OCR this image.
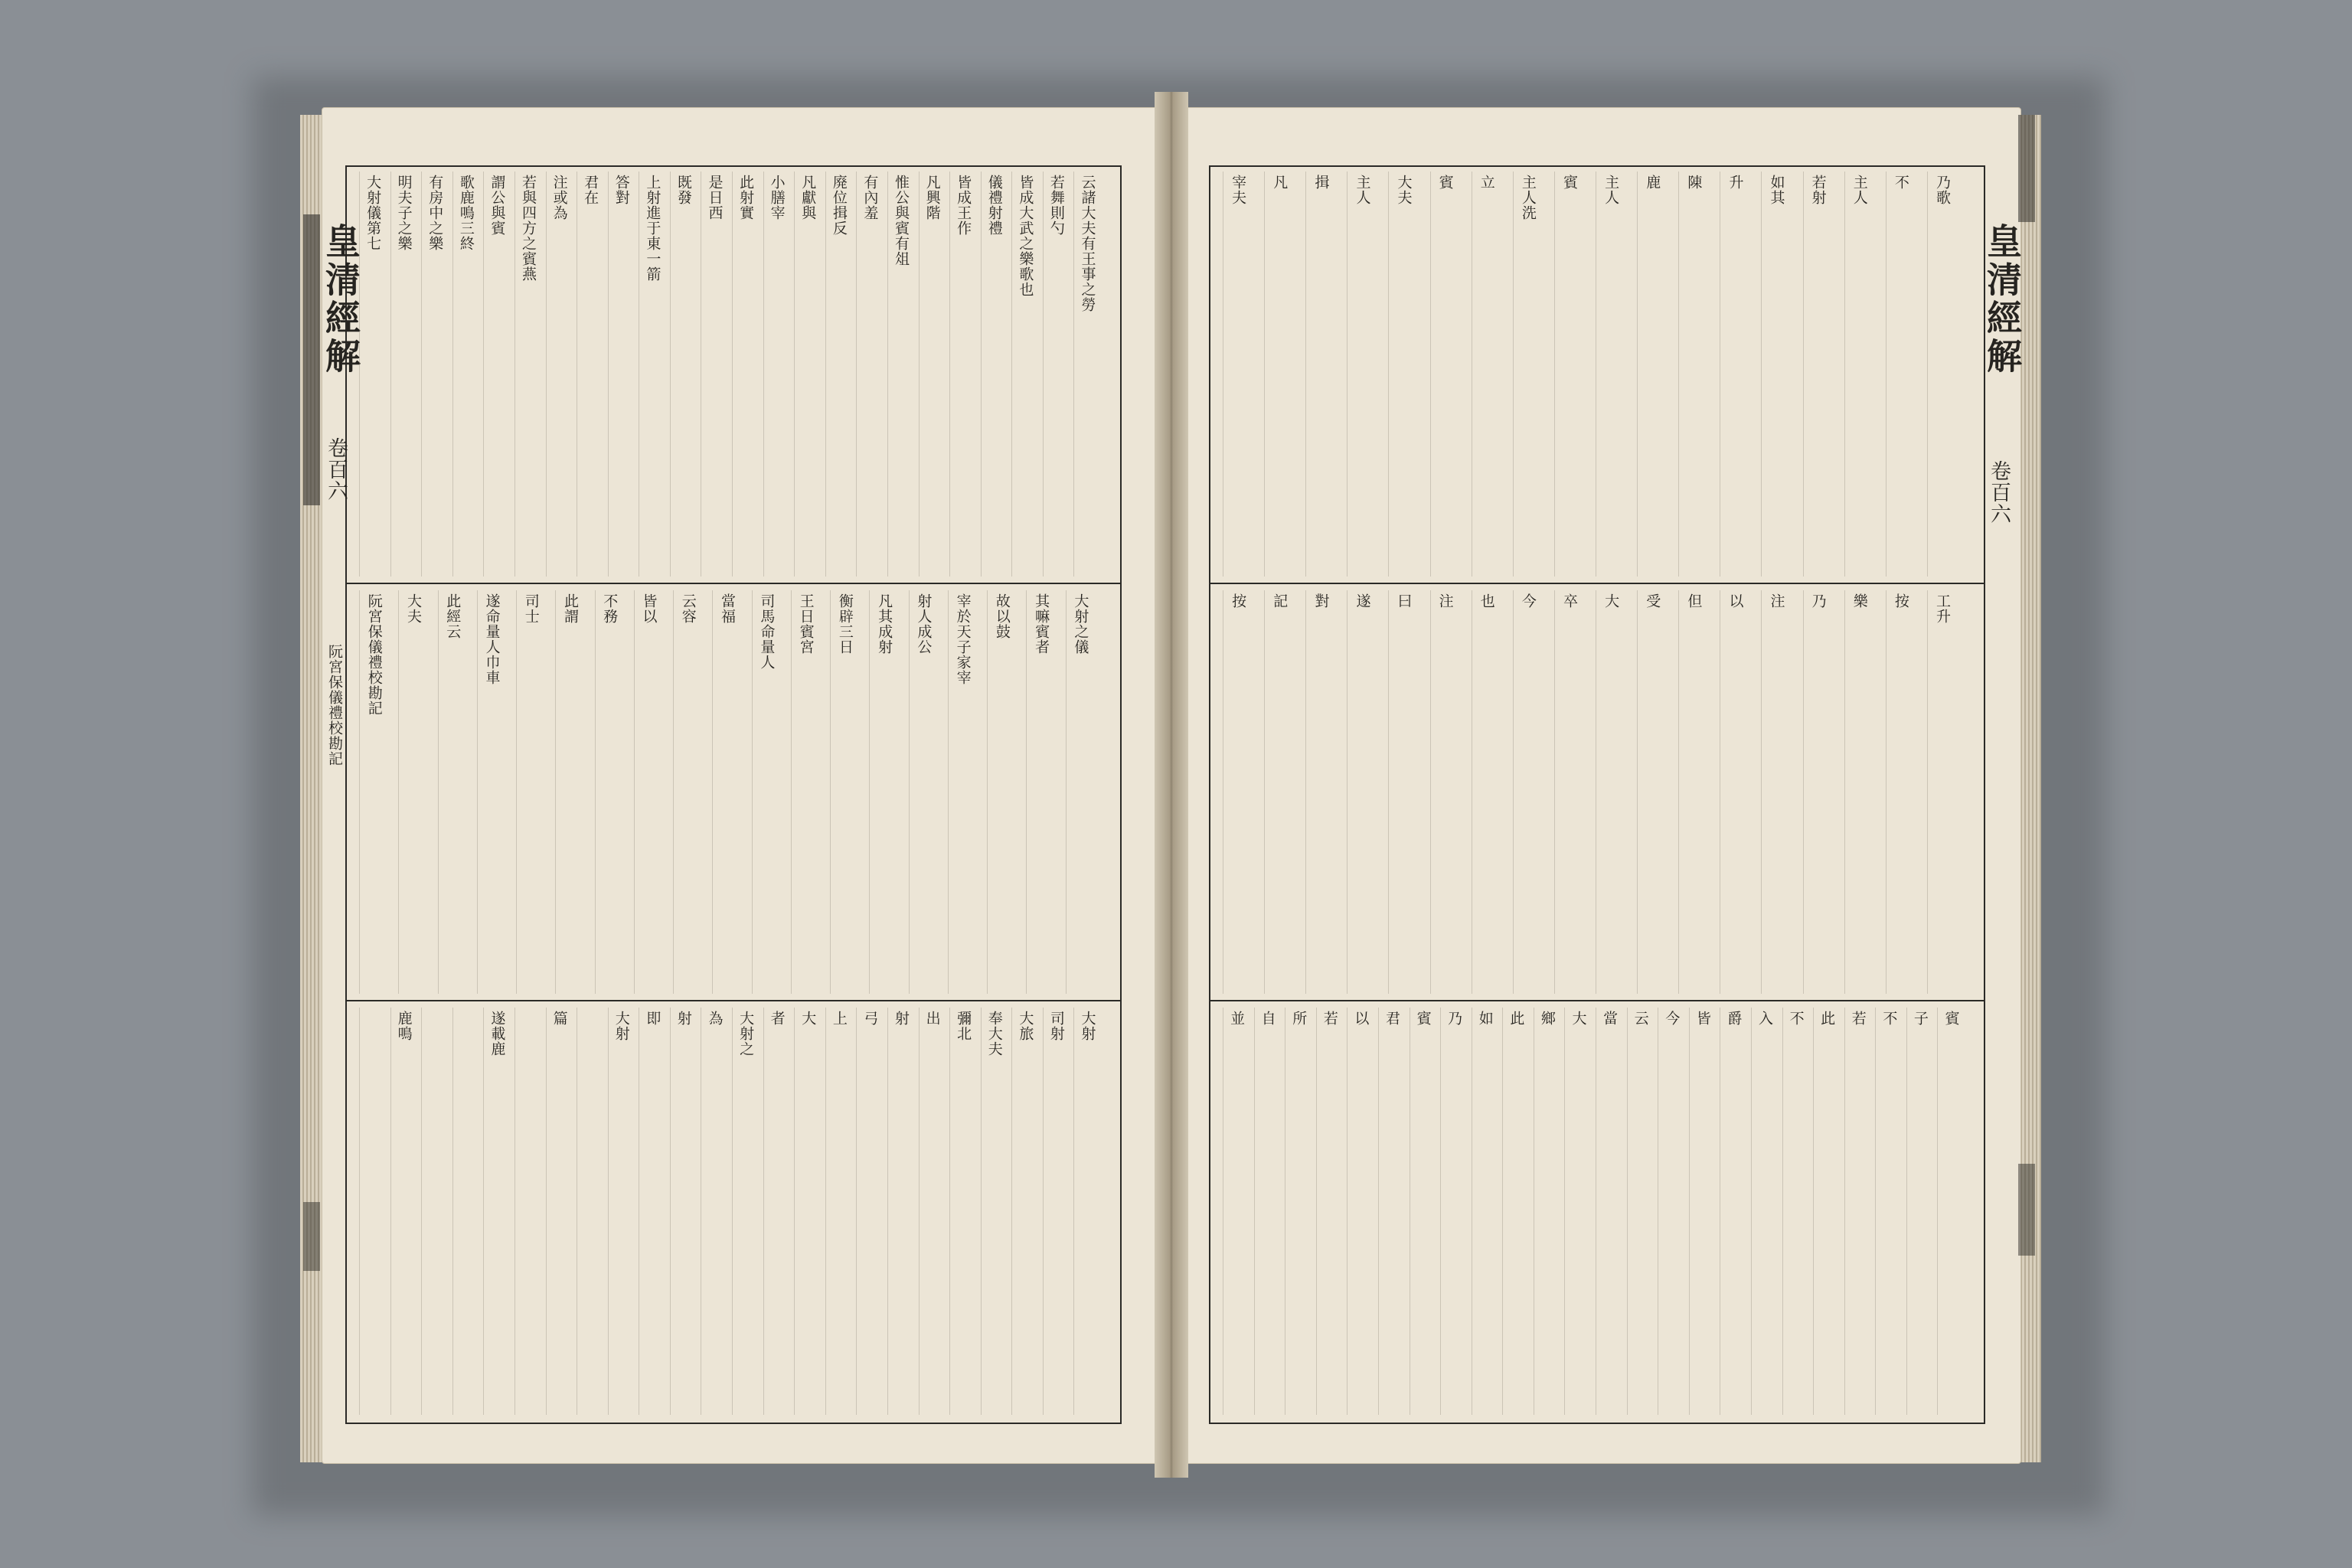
皇清經解
卷百六
阮宮保儀禮校勘記
云諸大夫有王事之勞
若舞則勺
皆成大武之樂歌也
儀禮射禮
皆成王作
凡興階
惟公與賓有俎
有內羞
廃位揖反
凡獻與
小膳宰
此射實
是日西
既發
上射進于東一箭
答對
君在
注或為
若與四方之賓燕
謂公與賓
歌鹿鳴三終
有房中之樂
明夫子之樂
大射儀第七
大射之儀
其嘛賓者
故以鼓
宰於天子家宰
射人成公
凡其成射
衡辟三日
王日賓宮
司馬命量人
當福
云容
皆以
不務
此謂
司士
遂命量人巾車
此經云
大夫
阮宮保儀禮校勘記
大射
司射
大旅
奉大夫
彌北
出
射
弓
上
大
者
大射之
為
射
即
大射
篇
遂載鹿
鹿鳴
皇清經解
卷百六
乃歌
不
主人
若射
如其
升
陳
鹿
主人
賓
主人洗
立
賓
大夫
主人
揖
凡
宰夫
工升
按
樂
乃
注
以
但
受
大
卒
今
也
注
曰
遂
對
記
按
賓
子
不
若
此
不
入
爵
皆
今
云
當
大
鄉
此
如
乃
賓
君
以
若
所
自
並
